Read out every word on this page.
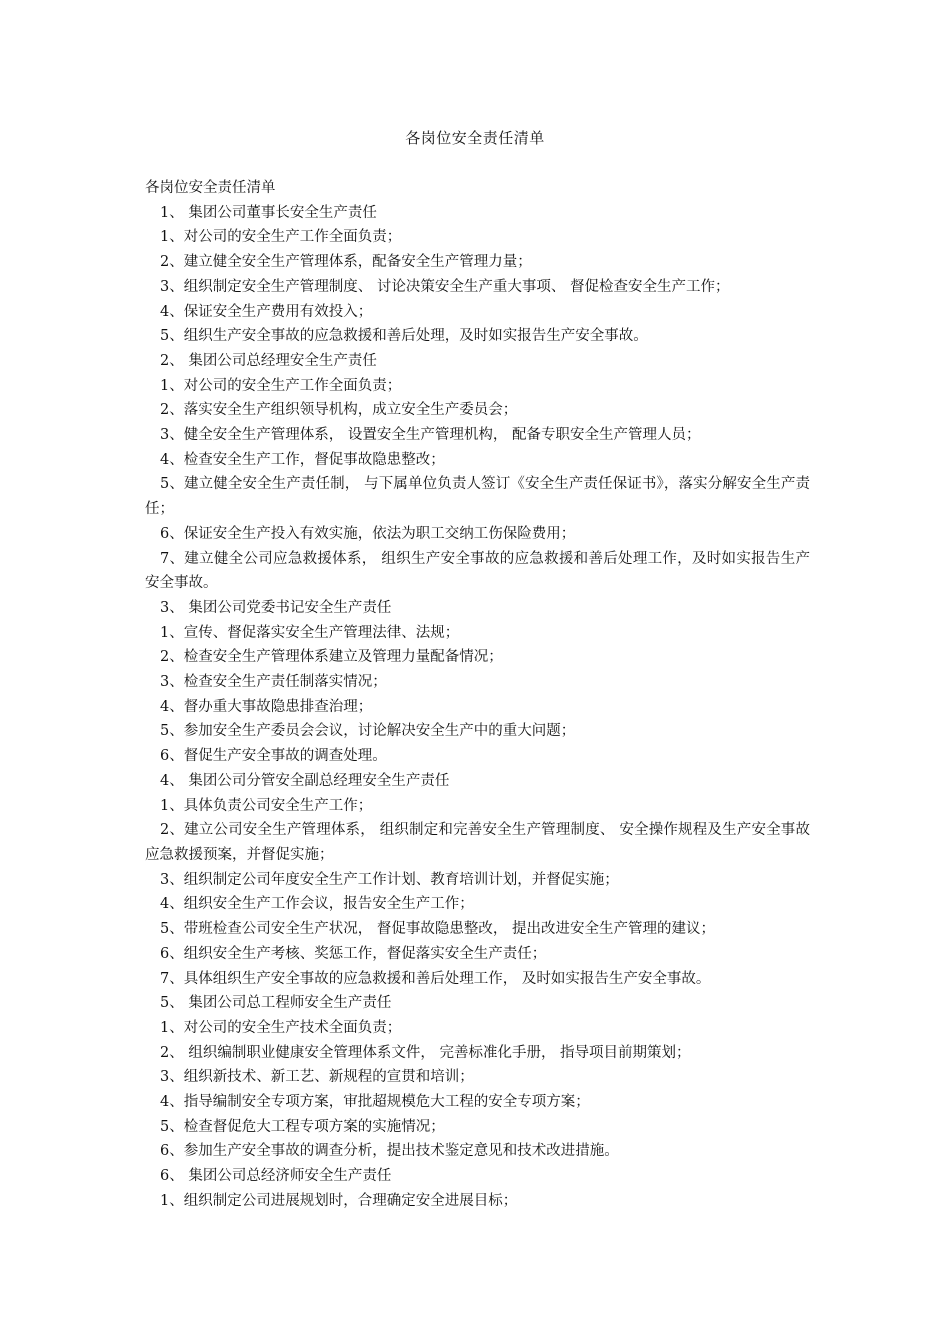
各岗位安全责任清单
各岗位安全责任清单
1、 集团公司董事长安全生产责任
1、对公司的安全生产工作全面负责；
2、建立健全安全生产管理体系，配备安全生产管理力量；
3、组织制定安全生产管理制度、 讨论决策安全生产重大事项、 督促检查安全生产工作；
4、保证安全生产费用有效投入；
5、组织生产安全事故的应急救援和善后处理，及时如实报告生产安全事故。
2、 集团公司总经理安全生产责任
1、对公司的安全生产工作全面负责；
2、落实安全生产组织领导机构，成立安全生产委员会；
3、健全安全生产管理体系， 设置安全生产管理机构， 配备专职安全生产管理人员；
4、检查安全生产工作，督促事故隐患整改；
5、建立健全安全生产责任制， 与下属单位负责人签订《安全生产责任保证书》，落实分解安全生产责任；
6、保证安全生产投入有效实施，依法为职工交纳工伤保险费用；
7、建立健全公司应急救援体系， 组织生产安全事故的应急救援和善后处理工作，及时如实报告生产安全事故。
3、 集团公司党委书记安全生产责任
1、宣传、督促落实安全生产管理法律、法规；
2、检查安全生产管理体系建立及管理力量配备情况；
3、检查安全生产责任制落实情况；
4、督办重大事故隐患排查治理；
5、参加安全生产委员会会议，讨论解决安全生产中的重大问题；
6、督促生产安全事故的调查处理。
4、 集团公司分管安全副总经理安全生产责任
1、具体负责公司安全生产工作；
2、建立公司安全生产管理体系， 组织制定和完善安全生产管理制度、 安全操作规程及生产安全事故应急救援预案，并督促实施；
3、组织制定公司年度安全生产工作计划、教育培训计划，并督促实施；
4、组织安全生产工作会议，报告安全生产工作；
5、带班检查公司安全生产状况， 督促事故隐患整改， 提出改进安全生产管理的建议；
6、组织安全生产考核、奖惩工作，督促落实安全生产责任；
7、具体组织生产安全事故的应急救援和善后处理工作， 及时如实报告生产安全事故。
5、 集团公司总工程师安全生产责任
1、对公司的安全生产技术全面负责；
2、 组织编制职业健康安全管理体系文件， 完善标准化手册， 指导项目前期策划；
3、组织新技术、新工艺、新规程的宣贯和培训；
4、指导编制安全专项方案，审批超规模危大工程的安全专项方案；
5、检查督促危大工程专项方案的实施情况；
6、参加生产安全事故的调查分析，提出技术鉴定意见和技术改进措施。
6、 集团公司总经济师安全生产责任
1、组织制定公司进展规划时，合理确定安全进展目标；
